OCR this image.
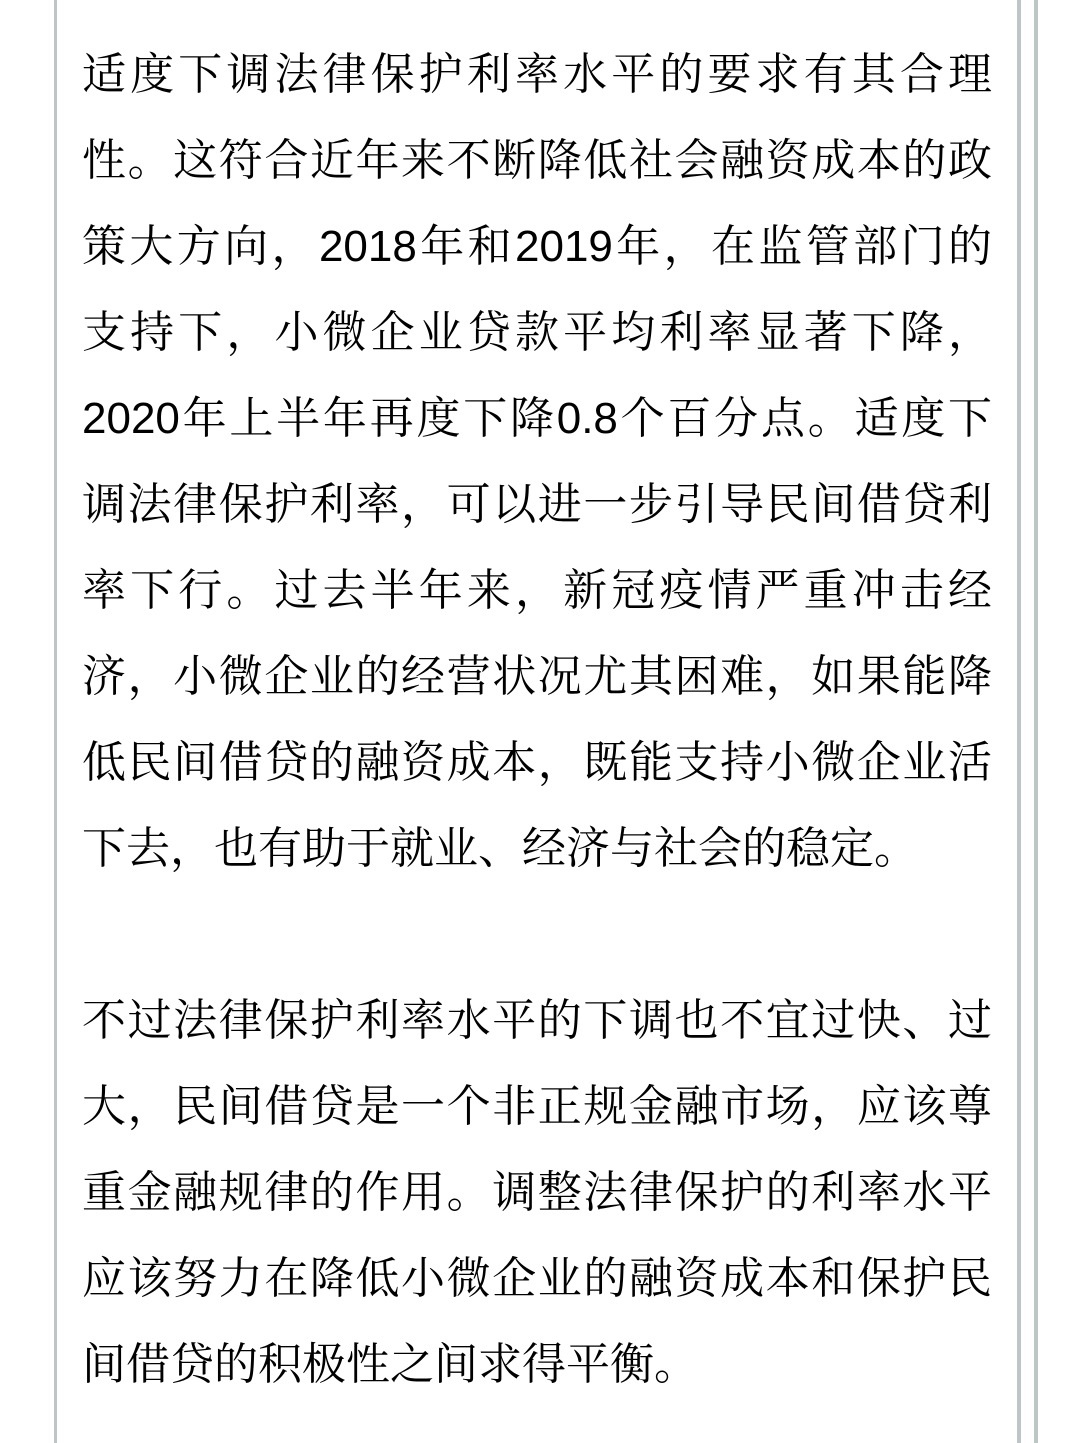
适度下调法律保护利率水平的要求有其合理
性。这符合近年来不断降低社会融资成本的政
策大方向，2018年和2019年，在监管部门的
支持下，小微企业贷款平均利率显著下降，
2020年上半年再度下降0.8个百分点。适度下
调法律保护利率，可以进一步引导民间借贷利
率下行。过去半年来，新冠疫情严重冲击经
济，小微企业的经营状况尤其困难，如果能降
低民间借贷的融资成本，既能支持小微企业活
下去，也有助于就业、经济与社会的稳定。

不过法律保护利率水平的下调也不宜过快、过
大，民间借贷是一个非正规金融市场，应该尊
重金融规律的作用。调整法律保护的利率水平
应该努力在降低小微企业的融资成本和保护民
间借贷的积极性之间求得平衡。
